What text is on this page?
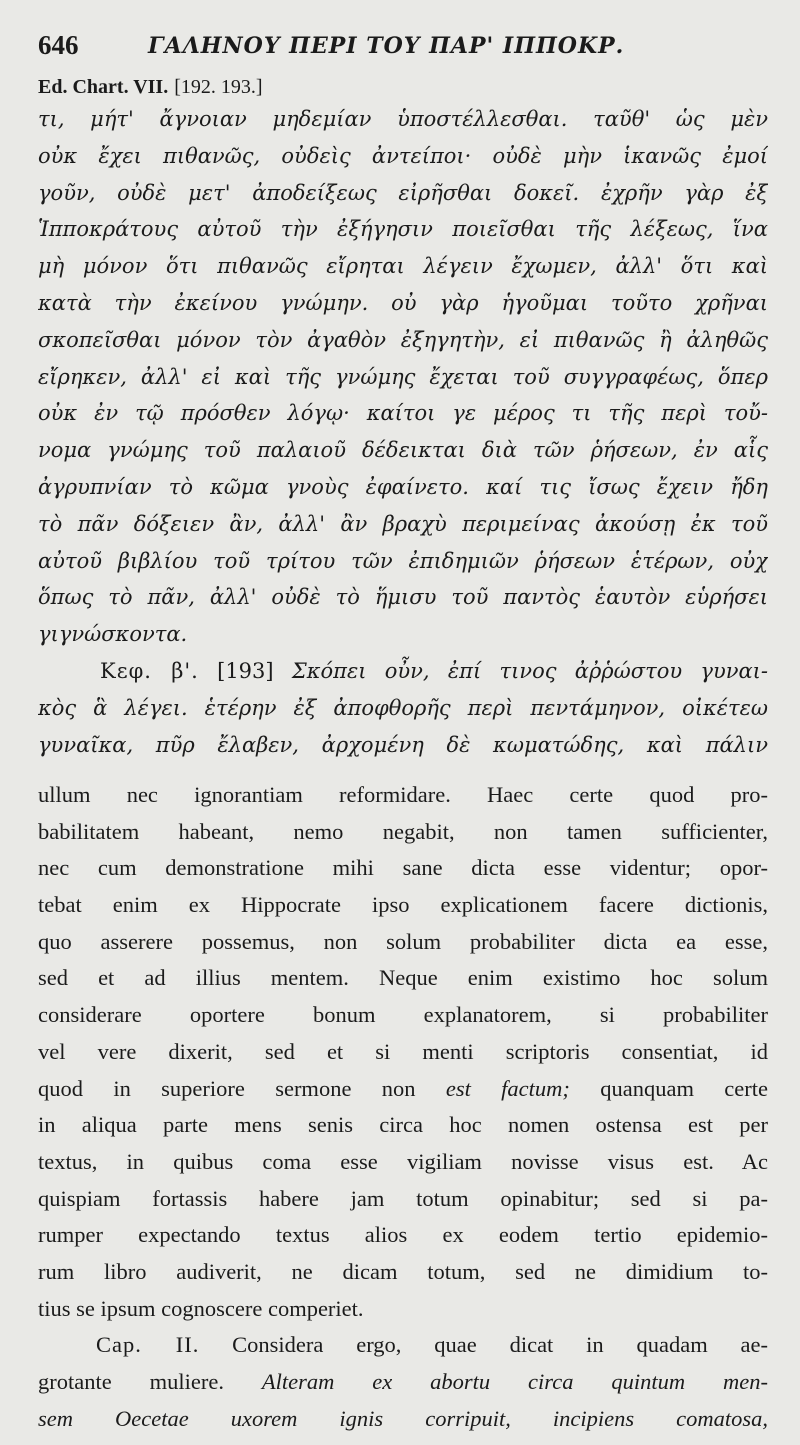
646	ΓΑΛΗΝΟΥ ΠΕΡΙ ΤΟΥ ΠΑΡ' ΙΠΠΟΚΡ.
Ed. Chart. VII. [192. 193.]
τι, μήτ' ἄγνοιαν μηδεμίαν ὑποστέλλεσθαι. ταῦθ' ὡς μὲν
οὐκ ἔχει πιθανῶς, οὐδεὶς ἀντείποι· οὐδὲ μὴν ἱκανῶς ἐμοί
γοῦν, οὐδὲ μετ' ἀποδείξεως εἰρῆσθαι δοκεῖ. ἐχρῆν γὰρ ἐξ
Ἱπποκράτους αὐτοῦ τὴν ἐξήγησιν ποιεῖσθαι τῆς λέξεως, ἵνα
μὴ μόνον ὅτι πιθανῶς εἴρηται λέγειν ἔχωμεν, ἀλλ' ὅτι καὶ
κατὰ τὴν ἐκείνου γνώμην. οὐ γὰρ ἡγοῦμαι τοῦτο χρῆναι
σκοπεῖσθαι μόνον τὸν ἀγαθὸν ἐξηγητὴν, εἰ πιθανῶς ἢ ἀληθῶς
εἴρηκεν, ἀλλ' εἰ καὶ τῆς γνώμης ἔχεται τοῦ συγγραφέως, ὅπερ
οὐκ ἐν τῷ πρόσθεν λόγῳ· καίτοι γε μέρος τι τῆς περὶ τοὔ-
νομα γνώμης τοῦ παλαιοῦ δέδεικται διὰ τῶν ῥήσεων, ἐν αἷς
ἀγρυπνίαν τὸ κῶμα γνοὺς ἐφαίνετο. καί τις ἴσως ἔχειν ἤδη
τὸ πᾶν δόξειεν ἂν, ἀλλ' ἂν βραχὺ περιμείνας ἀκούσῃ ἐκ τοῦ
αὐτοῦ βιβλίου τοῦ τρίτου τῶν ἐπιδημιῶν ῥήσεων ἑτέρων, οὐχ
ὅπως τὸ πᾶν, ἀλλ' οὐδὲ τὸ ἥμισυ τοῦ παντὸς ἑαυτὸν εὑρήσει
γιγνώσκοντα.
Κεφ. β'. [193] Σκόπει οὖν, ἐπί τινος ἀῤῥώστου γυναι-
κὸς ἃ λέγει. ἑτέρην ἐξ ἀποφθορῆς περὶ πεντάμηνον, οἰκέτεω
γυναῖκα, πῦρ ἔλαβεν, ἀρχομένη δὲ κωματώδης, καὶ πάλιν
ullum nec ignorantiam reformidare. Haec certe quod pro-
babilitatem habeant, nemo negabit, non tamen sufficienter,
nec cum demonstratione mihi sane dicta esse videntur; opor-
tebat enim ex Hippocrate ipso explicationem facere dictionis,
quo asserere possemus, non solum probabiliter dicta ea esse,
sed et ad illius mentem. Neque enim existimo hoc solum
considerare oportere bonum explanatorem, si probabiliter
vel vere dixerit, sed et si menti scriptoris consentiat, id
quod in superiore sermone non est factum; quanquam certe
in aliqua parte mens senis circa hoc nomen ostensa est per
textus, in quibus coma esse vigiliam novisse visus est. Ac
quispiam fortassis habere jam totum opinabitur; sed si pa-
rumper expectando textus alios ex eodem tertio epidemio-
rum libro audiverit, ne dicam totum, sed ne dimidium to-
tius se ipsum cognoscere comperiet.
Cap. II. Considera ergo, quae dicat in quadam ae-
grotante muliere. Alteram ex abortu circa quintum men-
sem Oecetae uxorem ignis corripuit, incipiens comatosa,
